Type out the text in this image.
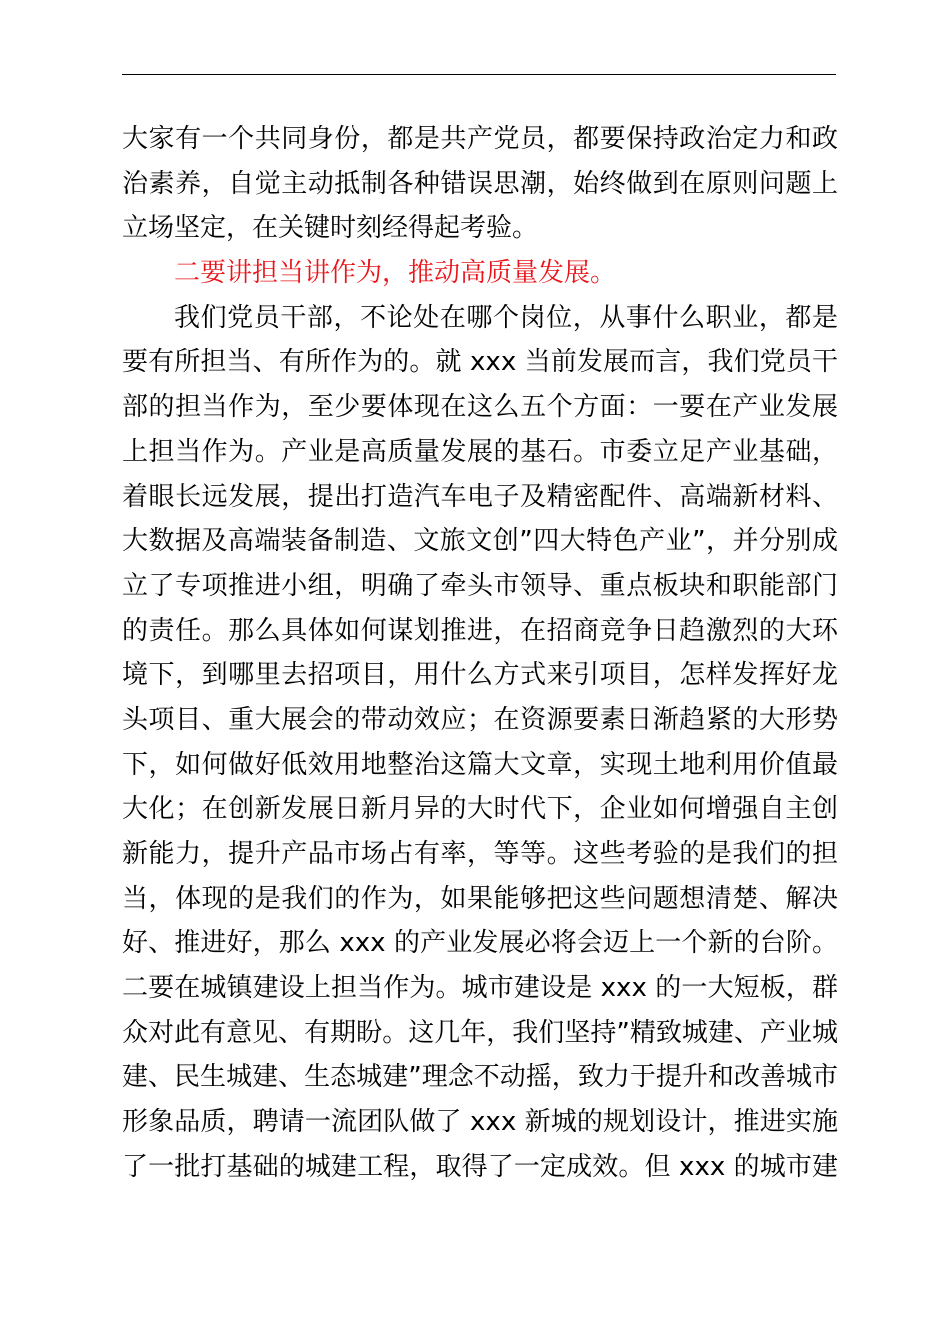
大家有一个共同身份，都是共产党员，都要保持政治定力和政
治素养，自觉主动抵制各种错误思潮，始终做到在原则问题上
立场坚定，在关键时刻经得起考验。
二要讲担当讲作为，推动高质量发展。
我们党员干部，不论处在哪个岗位，从事什么职业，都是
要有所担当、有所作为的。就 xxx 当前发展而言，我们党员干
部的担当作为，至少要体现在这么五个方面：一要在产业发展
上担当作为。产业是高质量发展的基石。市委立足产业基础，
着眼长远发展，提出打造汽车电子及精密配件、高端新材料、
大数据及高端装备制造、文旅文创”四大特色产业”，并分别成
立了专项推进小组，明确了牵头市领导、重点板块和职能部门
的责任。那么具体如何谋划推进，在招商竞争日趋激烈的大环
境下，到哪里去招项目，用什么方式来引项目，怎样发挥好龙
头项目、重大展会的带动效应；在资源要素日渐趋紧的大形势
下，如何做好低效用地整治这篇大文章，实现土地利用价值最
大化；在创新发展日新月异的大时代下，企业如何增强自主创
新能力，提升产品市场占有率，等等。这些考验的是我们的担
当，体现的是我们的作为，如果能够把这些问题想清楚、解决
好、推进好，那么 xxx 的产业发展必将会迈上一个新的台阶。
二要在城镇建设上担当作为。城市建设是 xxx 的一大短板，群
众对此有意见、有期盼。这几年，我们坚持”精致城建、产业城
建、民生城建、生态城建”理念不动摇，致力于提升和改善城市
形象品质，聘请一流团队做了 xxx 新城的规划设计，推进实施
了一批打基础的城建工程，取得了一定成效。但 xxx 的城市建
